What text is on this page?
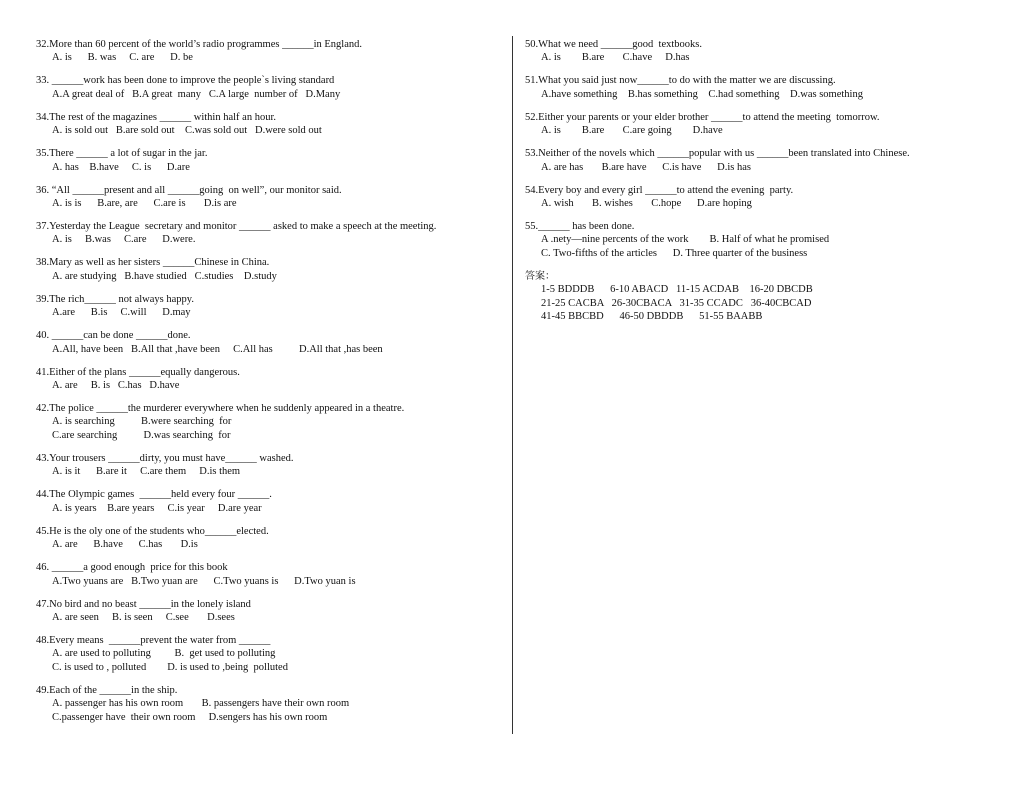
32.More than 60 percent of the world’s radio programmes ______in England.
A. is      B. was     C. are      D. be
33. ______work has been done to improve the people`s living standard
A.A great deal of   B.A great  many   C.A large  number of   D.Many
34.The rest of the magazines ______ within half an hour.
A. is sold out   B.are sold out    C.was sold out   D.were sold out
35.There ______ a lot of sugar in the jar.
A. has    B.have     C. is      D.are
36. “All ______present and all ______going  on well”, our monitor said.
A. is is      B.are, are      C.are is       D.is are
37.Yesterday the League  secretary and monitor ______ asked to make a speech at the meeting.
A. is     B.was     C.are      D.were.
38.Mary as well as her sisters ______Chinese in China.
A. are studying   B.have studied   C.studies    D.study
39.The rich______ not always happy.
A.are      B.is     C.will      D.may
40. ______can be done ______done.
A.All, have been   B.All that ,have been     C.All has          D.All that ,has been
41.Either of the plans ______equally dangerous.
A. are     B. is   C.has   D.have
42.The police ______the murderer everywhere when he suddenly appeared in a theatre.
A. is searching          B.were searching  for
C.are searching          D.was searching  for
43.Your trousers ______dirty, you must have______ washed.
A. is it      B.are it     C.are them     D.is them
44.The Olympic games  ______held every four ______.
A. is years    B.are years     C.is year     D.are year
45.He is the oly one of the students who______elected.
A. are      B.have      C.has       D.is
46. ______a good enough  price for this book
A.Two yuans are   B.Two yuan are      C.Two yuans is      D.Two yuan is
47.No bird and no beast ______in the lonely island
A. are seen     B. is seen     C.see       D.sees
48.Every means  ______prevent the water from ______
A. are used to polluting         B.  get used to polluting
C. is used to , polluted        D. is used to ,being  polluted
49.Each of the ______in the ship.
A. passenger has his own room       B. passengers have their own room
C.passenger have  their own room     D.sengers has his own room
50.What we need ______good  textbooks.
A. is        B.are       C.have     D.has
51.What you said just now______to do with the matter we are discussing.
A.have something    B.has something    C.had something    D.was something
52.Either your parents or your elder brother ______to attend the meeting  tomorrow.
A. is        B.are       C.are going        D.have
53.Neither of the novels which ______popular with us ______been translated into Chinese.
A. are has       B.are have      C.is have      D.is has
54.Every boy and every girl ______to attend the evening  party.
A. wish       B. wishes       C.hope      D.are hoping
55.______ has been done.
A .nety—nine percents of the work        B. Half of what he promised
C. Two-fifths of the articles      D. Three quarter of the business
答案：
1-5 BDDDB      6-10 ABACD   11-15 ACDAB    16-20 DBCDB
21-25 CACBA   26-30CBACA   31-35 CCADC   36-40CBCAD
41-45 BBCBD      46-50 DBDDB      51-55 BAABB
